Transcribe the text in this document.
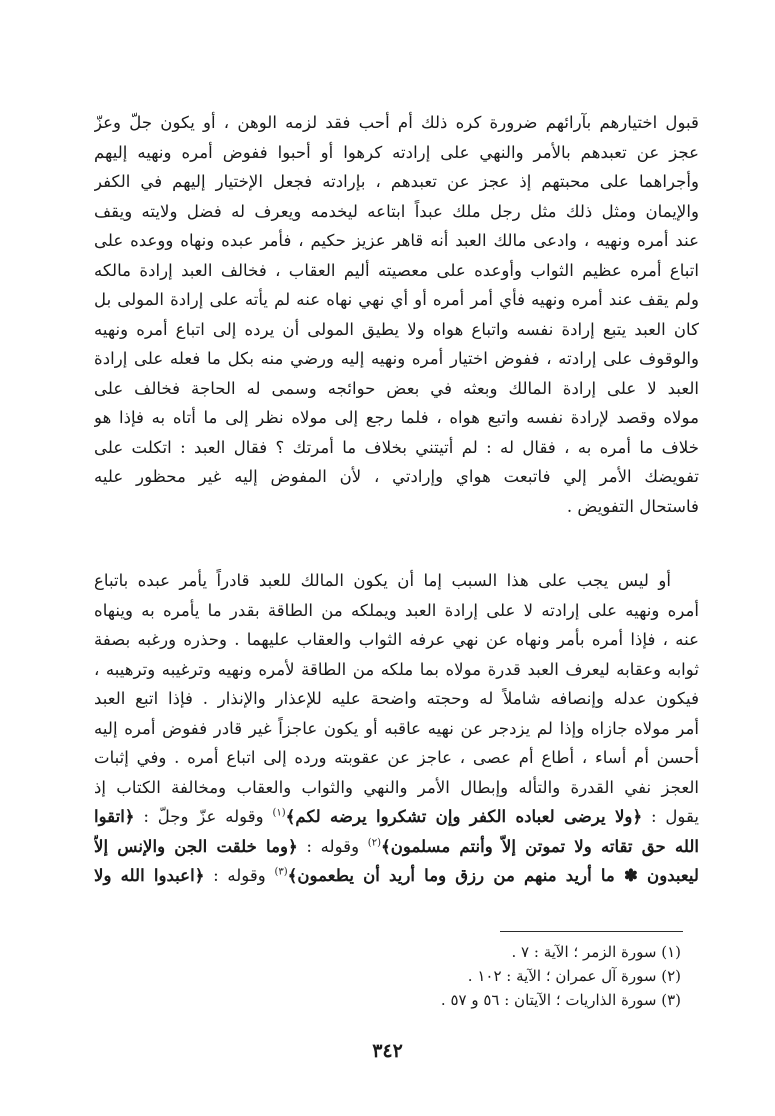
قبول اختيارهم بآرائهم ضرورة كره ذلك أم أحب فقد لزمه الوهن ، أو يكون جلّ وعزّ
عجز عن تعبدهم بالأمر والنهي على إرادته كرهوا أو أحبوا ففوض أمره ونهيه إليهم
وأجراهما على محبتهم إذ عجز عن تعبدهم ، بإرادته فجعل الإختيار إليهم في الكفر
والإيمان ومثل ذلك مثل رجل ملك عبداً ابتاعه ليخدمه ويعرف له فضل ولايته ويقف
عند أمره ونهيه ، وادعى مالك العبد أنه قاهر عزيز حكيم ، فأمر عبده ونهاه ووعده على
اتباع أمره عظيم الثواب وأوعده على معصيته أليم العقاب ، فخالف العبد إرادة مالكه
ولم يقف عند أمره ونهيه فأي أمر أمره أو أي نهي نهاه عنه لم يأته على إرادة المولى بل
كان العبد يتبع إرادة نفسه واتباع هواه ولا يطيق المولى أن يرده إلى اتباع أمره ونهيه
والوقوف على إرادته ، ففوض اختيار أمره ونهيه إليه ورضي منه بكل ما فعله على إرادة
العبد لا على إرادة المالك وبعثه في بعض حوائجه وسمى له الحاجة فخالف على
مولاه وقصد لإرادة نفسه واتبع هواه ، فلما رجع إلى مولاه نظر إلى ما أتاه به فإذا هو
خلاف ما أمره به ، فقال له : لم أتيتني بخلاف ما أمرتك ؟ فقال العبد : اتكلت على
تفويضك الأمر إلي فاتبعت هواي وإرادتي ، لأن المفوض إليه غير محظور عليه
فاستحال التفويض .
أو ليس يجب على هذا السبب إما أن يكون المالك للعبد قادراً يأمر عبده باتباع
أمره ونهيه على إرادته لا على إرادة العبد ويملكه من الطاقة بقدر ما يأمره به وينهاه
عنه ، فإذا أمره بأمر ونهاه عن نهي عرفه الثواب والعقاب عليهما . وحذره ورغبه بصفة
ثوابه وعقابه ليعرف العبد قدرة مولاه بما ملكه من الطاقة لأمره ونهيه وترغيبه وترهيبه ،
فيكون عدله وإنصافه شاملاً له وحجته واضحة عليه للإعذار والإنذار . فإذا اتبع العبد
أمر مولاه جازاه وإذا لم يزدجر عن نهيه عاقبه أو يكون عاجزاً غير قادر ففوض أمره إليه
أحسن أم أساء ، أطاع أم عصى ، عاجز عن عقوبته ورده إلى اتباع أمره . وفي إثبات
العجز نفي القدرة والتأله وإبطال الأمر والنهي والثواب والعقاب ومخالفة الكتاب إذ
يقول : ﴿ولا يرضى لعباده الكفر وإن تشكروا يرضه لكم﴾$^{(١)}$ وقوله عزّ وجلّ : ﴿اتقوا
الله حق تقاته ولا تموتن إلاّ وأنتم مسلمون﴾$^{(٢)}$ وقوله : ﴿وما خلقت الجن والإنس إلاّ
ليعبدون ✽ ما أريد منهم من رزق وما أريد أن يطعمون﴾$^{(٣)}$ وقوله : ﴿اعبدوا الله ولا
(١) سورة الزمر ؛ الآية : ٧ .
(٢) سورة آل عمران ؛ الآية : ١٠٢ .
(٣) سورة الذاريات ؛ الآيتان : ٥٦ و ٥٧ .
٣٤٢
